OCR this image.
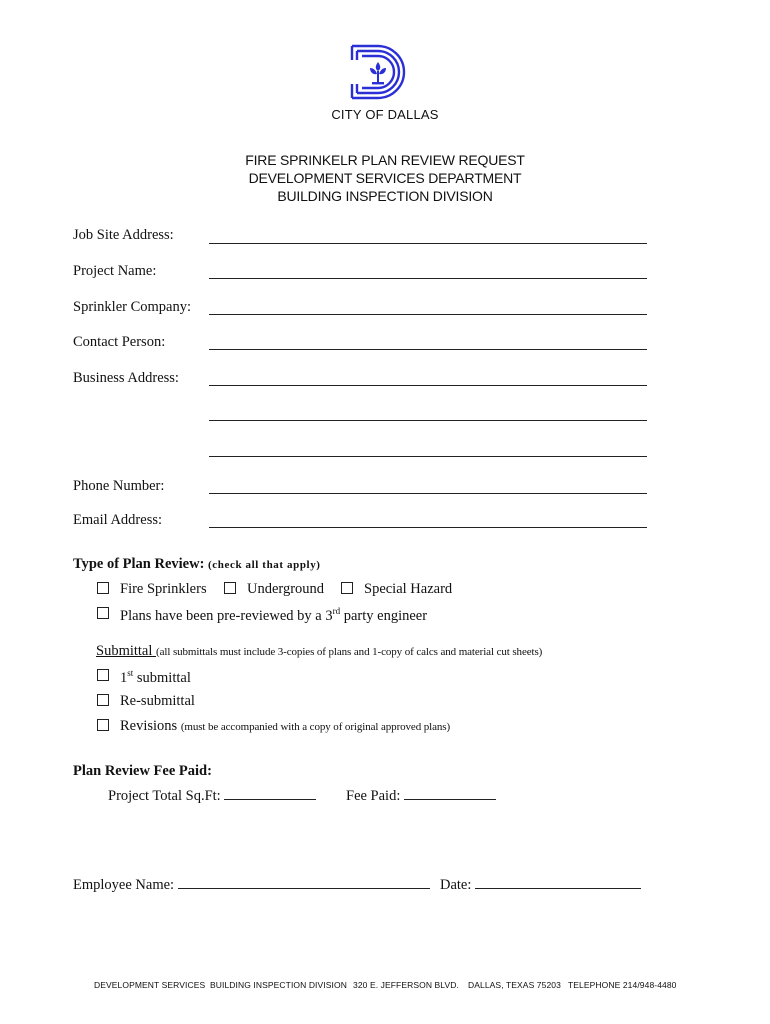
CITY OF DALLAS
FIRE SPRINKELR PLAN REVIEW REQUEST
DEVELOPMENT SERVICES DEPARTMENT
BUILDING INSPECTION DIVISION
Job Site Address:
Project Name:
Sprinkler Company:
Contact Person:
Business Address:
Phone Number:
Email Address:
Type of Plan Review: (check all that apply)
Fire Sprinklers	Underground	Special Hazard
Plans have been pre-reviewed by a 3rd party engineer
Submittal (all submittals must include 3-copies of plans and 1-copy of calcs and material cut sheets)
1st submittal
Re-submittal
Revisions (must be accompanied with a copy of original approved plans)
Plan Review Fee Paid:
Project Total Sq.Ft:	Fee Paid:
Employee Name:	Date:
DEVELOPMENT SERVICES BUILDING INSPECTION DIVISION 320 E. JEFFERSON BLVD. DALLAS, TEXAS 75203 TELEPHONE 214/948-4480
